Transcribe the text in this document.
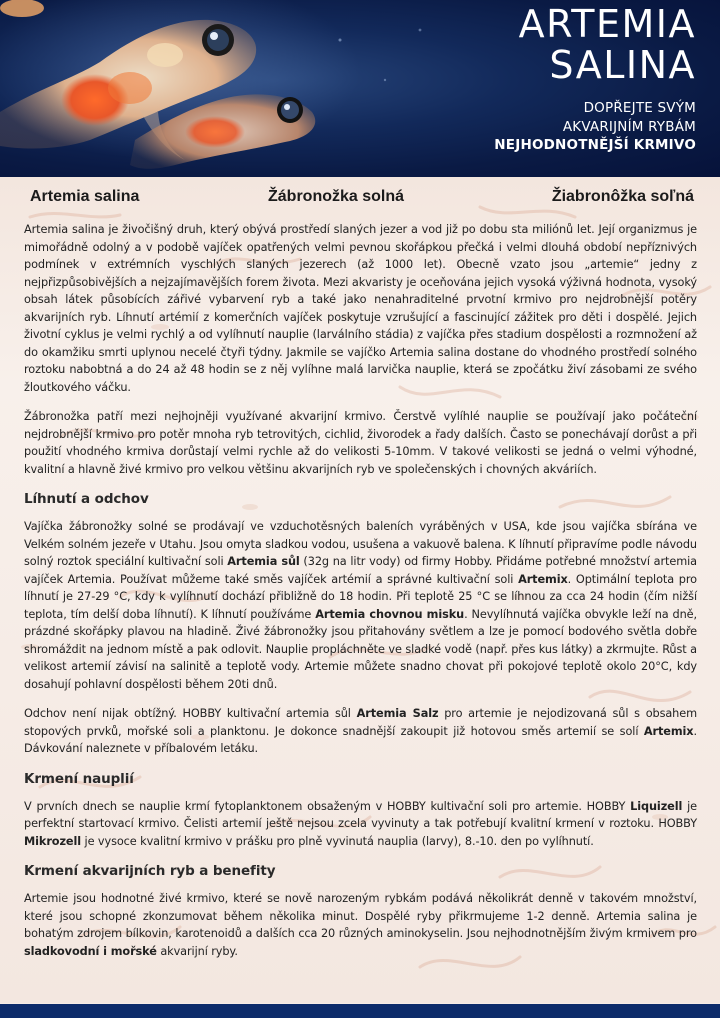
ARTEMIA
SALINA
DOPŘEJTE SVÝM
AKVARIJNÍM RYBÁM
NEJHODNOTNĚJŠÍ KRMIVO
Artemia salina	Žábronožka solná	Žiabronôžka soľná

Artemia salina je živočišný druh, který obývá prostředí slaných jezer a vod již po dobu sta miliónů let. Její organizmus je mimořádně odolný a v podobě vajíček opatřených velmi pevnou skořápkou přečká i velmi dlouhá období nepříznivých podmínek v extrémních vyschlých slaných jezerech (až 1000 let). Obecně vzato jsou „artemie“ jedny z nejpřizpůsobivějších a nejzajímavějších forem života. Mezi akvaristy je oceňována jejich vysoká výživná hodnota, vysoký obsah látek působících zářivé vybarvení ryb a také jako nenahraditelné prvotní krmivo pro nejdrobnější potěry akvarijních ryb. Líhnutí artémií z komerčních vajíček poskytuje vzrušující a fascinující zážitek pro děti i dospělé. Jejich životní cyklus je velmi rychlý a od vylíhnutí nauplie (larválního stádia) z vajíčka přes stadium dospělosti a rozmnožení až do okamžiku smrti uplynou necelé čtyři týdny. Jakmile se vajíčko Artemia salina dostane do vhodného prostředí solného roztoku nabobtná a do 24 až 48 hodin se z něj vylíhne malá larvička nauplie, která se zpočátku živí zásobami ze svého žloutkového váčku.

Žábronožka patří mezi nejhojněji využívané akvarijní krmivo. Čerstvě vylíhlé nauplie se používají jako počáteční nejdrobnější krmivo pro potěr mnoha ryb tetrovitých, cichlid, živorodek a řady dalších. Často se ponechávají dorůst a při použití vhodného krmiva dorůstají velmi rychle až do velikosti 5-10mm. V takové velikosti se jedná o velmi výhodné, kvalitní a hlavně živé krmivo pro velkou většinu akvarijních ryb ve společenských i chovných akváriích.

Líhnutí a odchov

Vajíčka žábronožky solné se prodávají ve vzduchotěsných baleních vyráběných v USA, kde jsou vajíčka sbírána ve Velkém solném jezeře v Utahu. Jsou omyta sladkou vodou, usušena a vakuově balena. K líhnutí připravíme podle návodu solný roztok speciální kultivační soli Artemia sůl (32g na litr vody) od firmy Hobby. Přidáme potřebné množství artemia vajíček Artemia. Používat můžeme také směs vajíček artémií a správné kultivační soli Artemix. Optimální teplota pro líhnutí je 27-29 °C, kdy k vylíhnutí dochází přibližně do 18 hodin. Při teplotě 25 °C se líhnou za cca 24 hodin (čím nižší teplota, tím delší doba líhnutí). K líhnutí používáme Artemia chovnou misku. Nevylíhnutá vajíčka obvykle leží na dně, prázdné skořápky plavou na hladině. Živé žábronožky jsou přitahovány světlem a lze je pomocí bodového světla dobře shromáždit na jednom místě a pak odlovit. Nauplie propláchněte ve sladké vodě (např. přes kus látky) a zkrmujte. Růst a velikost artemií závisí na salinitě a teplotě vody. Artemie můžete snadno chovat při pokojové teplotě okolo 20°C, kdy dosahují pohlavní dospělosti během 20ti dnů.

Odchov není nijak obtížný. HOBBY kultivační artemia sůl Artemia Salz pro artemie je nejodizovaná sůl s obsahem stopových prvků, mořské soli a planktonu. Je dokonce snadnější zakoupit již hotovou směs artemií se solí Artemix. Dávkování naleznete v příbalovém letáku.

Krmení nauplií

V prvních dnech se nauplie krmí fytoplanktonem obsaženým v HOBBY kultivační soli pro artemie. HOBBY Liquizell je perfektní startovací krmivo. Čelisti artemií ještě nejsou zcela vyvinuty a tak potřebují kvalitní krmení v roztoku. HOBBY Mikrozell je vysoce kvalitní krmivo v prášku pro plně vyvinutá nauplia (larvy), 8.-10. den po vylíhnutí.

Krmení akvarijních ryb a benefity

Artemie jsou hodnotné živé krmivo, které se nově narozeným rybkám podává několikrát denně v takovém množství, které jsou schopné zkonzumovat během několika minut. Dospělé ryby přikrmujeme 1-2 denně. Artemia salina je bohatým zdrojem bílkovin, karotenoidů a dalších cca 20 různých aminokyselin. Jsou nejhodnotnějším živým krmivem pro sladkovodní i mořské akvarijní ryby.
